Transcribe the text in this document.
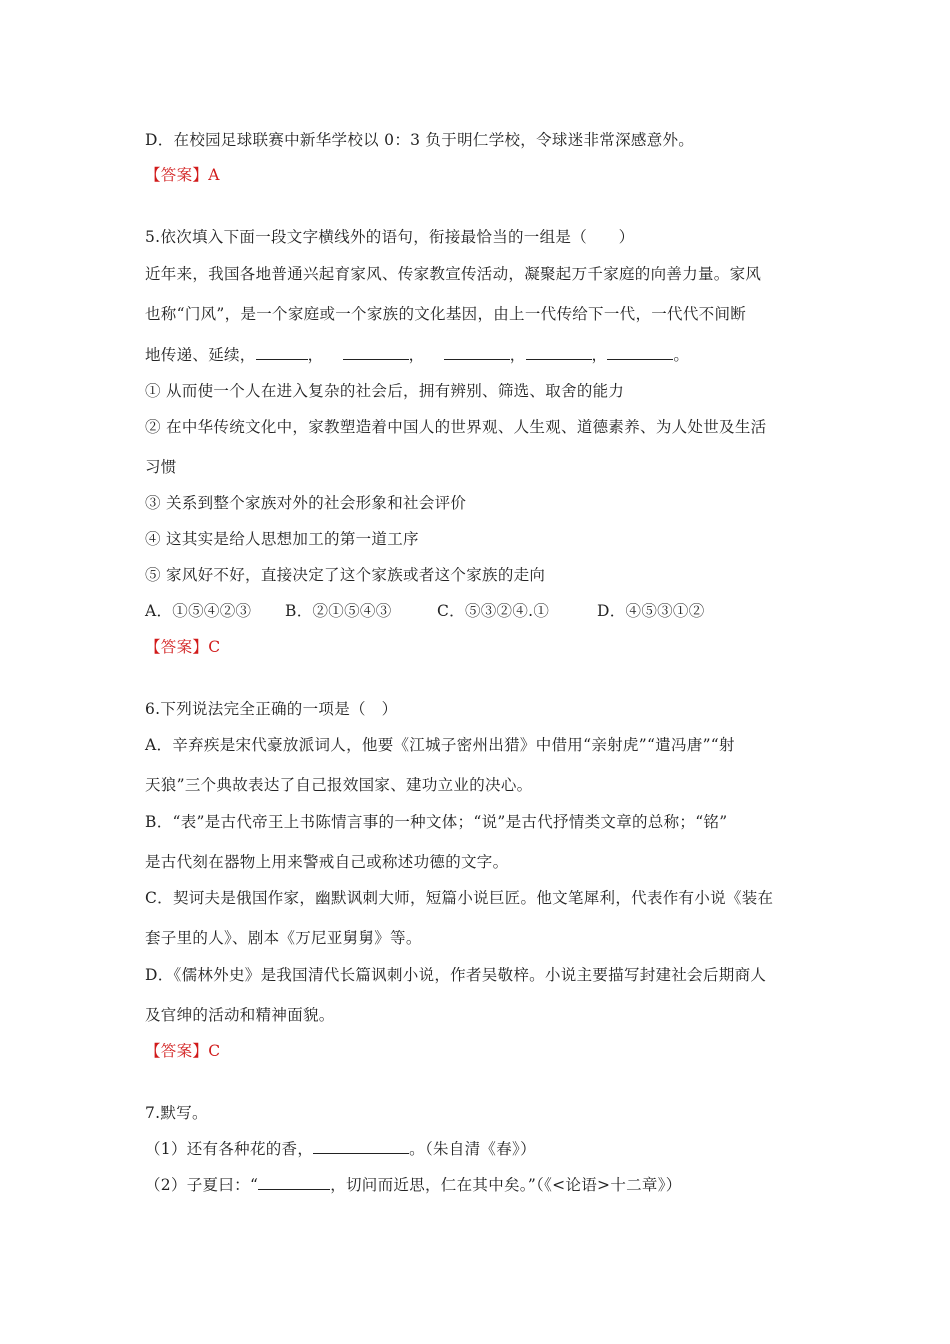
D．在校园足球联赛中新华学校以 0：3 负于明仁学校，令球迷非常深感意外。
【答案】A
5.依次填入下面一段文字横线外的语句，衔接最恰当的一组是（　　）
近年来，我国各地普通兴起育家风、传家教宣传活动，凝聚起万千家庭的向善力量。家风
也称“门风”，是一个家庭或一个家族的文化基因，由上一代传给下一代，一代代不间断
地传递、延续，	，	，	，	，	。
① 从而使一个人在进入复杂的社会后，拥有辨别、筛选、取舍的能力
② 在中华传统文化中，家教塑造着中国人的世界观、人生观、道德素养、为人处世及生活
习惯
③ 关系到整个家族对外的社会形象和社会评价
④ 这其实是给人思想加工的第一道工序
⑤ 家风好不好，直接决定了这个家族或者这个家族的走向
A．①⑤④②③ B．②①⑤④③	C．⑤③②④.①	D．④⑤③①②
【答案】C
6.下列说法完全正确的一项是（　）
A．辛弃疾是宋代豪放派词人，他要《江城子密州出猎》中借用“亲射虎”“遣冯唐”“射
天狼”三个典故表达了自己报效国家、建功立业的决心。
B．“表”是古代帝王上书陈情言事的一种文体；“说”是古代抒情类文章的总称；“铭”
是古代刻在器物上用来警戒自己或称述功德的文字。
C．契诃夫是俄国作家，幽默讽刺大师，短篇小说巨匠。他文笔犀利，代表作有小说《装在
套子里的人》、剧本《万尼亚舅舅》等。
D．《儒林外史》是我国清代长篇讽刺小说，作者吴敬梓。小说主要描写封建社会后期商人
及官绅的活动和精神面貌。
【答案】C
7.默写。
（1）还有各种花的香，	。（朱自清《春》）
（2）子夏曰：“	，切问而近思，仁在其中矣。”（《<论语>十二章》）
